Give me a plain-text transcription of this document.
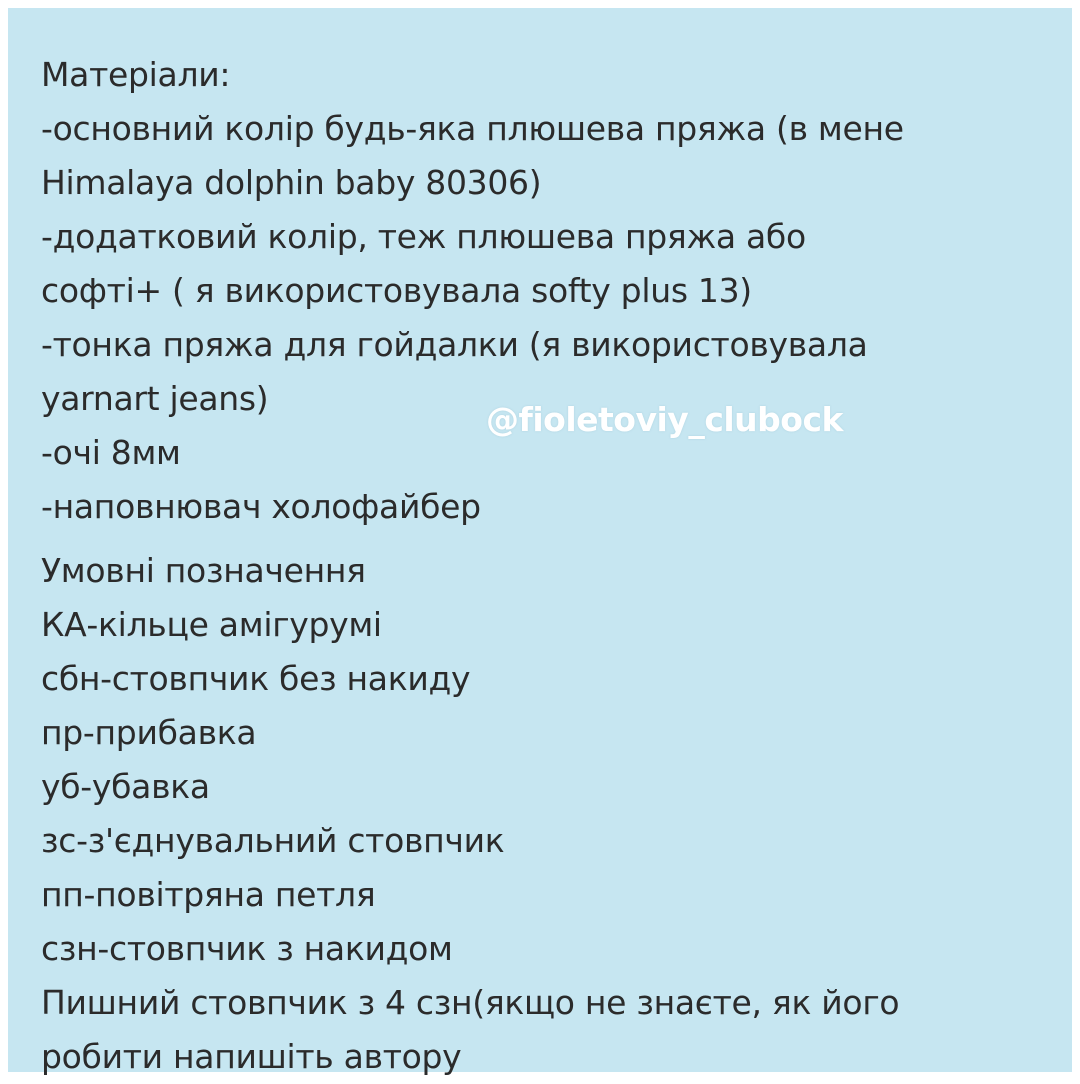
Матеріали:
-основний колір будь-яка плюшева пряжа (в мене
Himalaya dolphin baby 80306)
-додатковий колір, теж плюшева пряжа або
софті+ ( я використовувала softy plus 13)
-тонка пряжа для гойдалки (я використовувала
yarnart jeans)
-очі 8мм
-наповнювач холофайбер
Умовні позначення
КА-кільце амігурумі
сбн-стовпчик без накиду
пр-прибавка
уб-убавка
зс-з'єднувальний стовпчик
пп-повітряна петля
сзн-стовпчик з накидом
Пишний стовпчик з 4 сзн(якщо не знаєте, як його
робити напишіть автору
@fioletoviy_clubock
